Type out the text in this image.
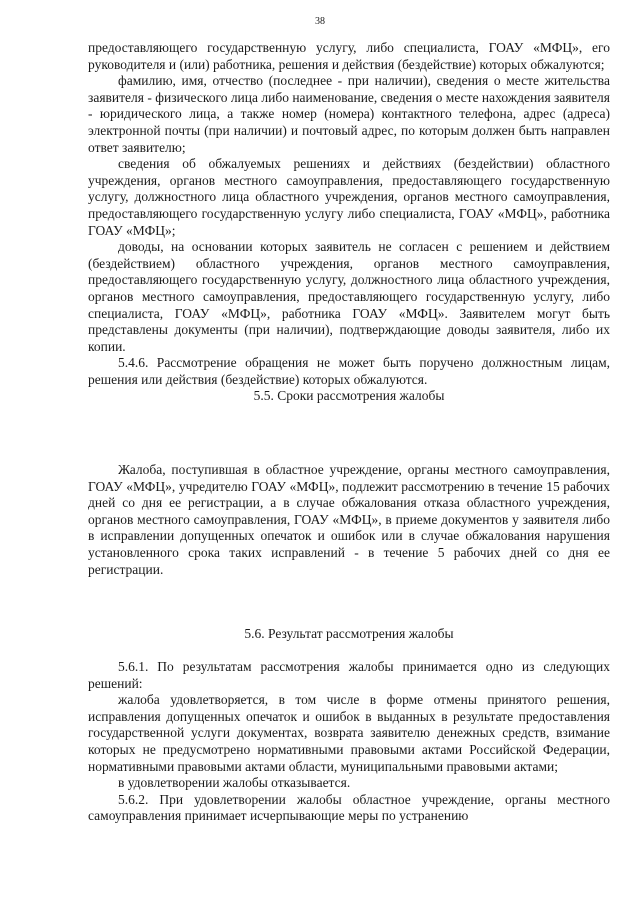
38

предоставляющего государственную услугу, либо специалиста, ГОАУ «МФЦ», его руководителя и (или) работника, решения и действия (бездействие) которых обжалуются;

фамилию, имя, отчество (последнее - при наличии), сведения о месте жительства заявителя - физического лица либо наименование, сведения о месте нахождения заявителя - юридического лица, а также номер (номера) контактного телефона, адрес (адреса) электронной почты (при наличии) и почтовый адрес, по которым должен быть направлен ответ заявителю;

сведения об обжалуемых решениях и действиях (бездействии) областного учреждения, органов местного самоуправления, предоставляющего государственную услугу, должностного лица областного учреждения, органов местного самоуправления, предоставляющего государственную услугу либо специалиста, ГОАУ «МФЦ», работника ГОАУ «МФЦ»;

доводы, на основании которых заявитель не согласен с решением и действием (бездействием) областного учреждения, органов местного самоуправления, предоставляющего государственную услугу, должностного лица областного учреждения, органов местного самоуправления, предоставляющего государственную услугу, либо специалиста, ГОАУ «МФЦ», работника ГОАУ «МФЦ». Заявителем могут быть представлены документы (при наличии), подтверждающие доводы заявителя, либо их копии.

5.4.6. Рассмотрение обращения не может быть поручено должностным лицам, решения или действия (бездействие) которых обжалуются.

5.5. Сроки рассмотрения жалобы

Жалоба, поступившая в областное учреждение, органы местного самоуправления, ГОАУ «МФЦ», учредителю ГОАУ «МФЦ», подлежит рассмотрению в течение 15 рабочих дней со дня ее регистрации, а в случае обжалования отказа областного учреждения, органов местного самоуправления, ГОАУ «МФЦ», в приеме документов у заявителя либо в исправлении допущенных опечаток и ошибок или в случае обжалования нарушения установленного срока таких исправлений - в течение 5 рабочих дней со дня ее регистрации.

5.6. Результат рассмотрения жалобы

5.6.1. По результатам рассмотрения жалобы принимается одно из следующих решений:

жалоба удовлетворяется, в том числе в форме отмены принятого решения, исправления допущенных опечаток и ошибок в выданных в результате предоставления государственной услуги документах, возврата заявителю денежных средств, взимание которых не предусмотрено нормативными правовыми актами Российской Федерации, нормативными правовыми актами области, муниципальными правовыми актами;

в удовлетворении жалобы отказывается.

5.6.2. При удовлетворении жалобы областное учреждение, органы местного самоуправления принимает исчерпывающие меры по устранению
